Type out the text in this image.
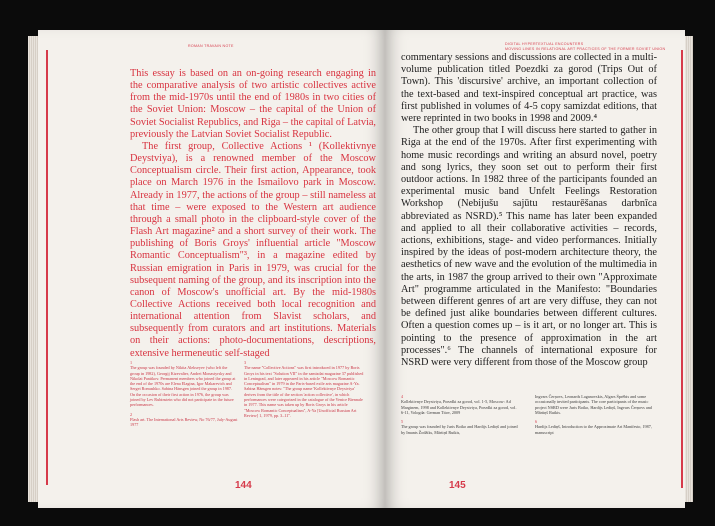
ROMAN TRAVAIN NOTE

This essay is based on an on-going research engaging in the comparative analysis of two artistic collectives active from the mid-1970s until the end of 1980s in two cities of the Soviet Union: Moscow – the capital of the Union of Soviet Socialist Republics, and Riga – the capital of Latvia, previously the Latvian Soviet Socialist Republic.

The first group, Collective Actions ¹ (Kollektivnye Deystviya), is a renowned member of the Moscow Conceptualism circle. Their first action, Appearance, took place on March 1976 in the Ismailovo park in Moscow. Already in 1977, the actions of the group – still nameless at that time – were exposed to the Western art audience through a small photo in the clipboard-style cover of the Flash Art magazine² and a short survey of their work. The publishing of Boris Groys' influential article "Moscow Romantic Conceptualism"³, in a magazine edited by Russian emigration in Paris in 1979, was crucial for the subsequent naming of the group, and its inscription into the canon of Moscow's unofficial art. By the mid-1980s Collective Actions received both local recognition and international attention from Slavist scholars, and subsequently from curators and art institutions. Materials on their actions: photo-documentations, descriptions, extensive hermeneutic self-staged

1
The group was founded by Nikita Alekseyev (who left the group in 1982), Georgij Kizevalter, Andrei Monastyrsky and Nikolai Panitkov. Permanent members who joined the group at the end of the 1970s are Elena Elagina, Igor Makarevich and Sergei Romashko. Sabina Hänsgen joined the group in 1987. On the occasion of their first action in 1976, the group was joined by Lev Rubinstein who did not participate in the future performances.
2
Flash art. The International Arts Review, No 76/77, July-August 1977
3
The name "Collective Actions" was first introduced in 1977 by Boris Groys in his text "Solution VII" in the samizdat magazine 37 published in Leningrad, and later appeared in his article "Moscow Romantic Conceptualism" in 1979 in the Paris-based exile arts magazine A-Ya. Sabina Hänsgen notes: "The group name 'Kollektivnye Deystviya' derives from the title of the section 'action collective', in which performances were categorized in the catalogue of the Venice Biennale in 1977. This name was taken up by Boris Groys in his article "Moscow Romantic Conceptualism", A-Ya [Unofficial Russian Art Review] 1, 1979, pp. 3–11".
144
DIGITAL HYPERTEXTUAL ENCOUNTERS
MOVING LINES IN RELATIONAL ART PRACTICES OF THE FORMER SOVIET UNION

commentary sessions and discussions are collected in a multi-volume publication titled Poezdki za gorod (Trips Out of Town). This 'discursive' archive, an important collection of the text-based and text-inspired conceptual art practice, was first published in volumes of 4-5 copy samizdat editions, that were reprinted in two books in 1998 and 2009.⁴

The other group that I will discuss here started to gather in Riga at the end of the 1970s. After first experimenting with home music recordings and writing an absurd novel, poetry and song lyrics, they soon set out to perform their first outdoor actions. In 1982 three of the participants founded an experimental music band Unfelt Feelings Restoration Workshop (Nebijušu sajūtu restaurēšanas darbnīca abbreviated as NSRD).⁵ This name has later been expanded and applied to all their collaborative activities – records, actions, exhibitions, stage- and video performances. Initially inspired by the ideas of post-modern architecture theory, the aesthetics of new wave and the evolution of the multimedia in the arts, in 1987 the group arrived to their own "Approximate Art" programme articulated in the Manifesto: "Boundaries between different genres of art are very diffuse, they can not be defined just alike boundaries between different cultures. Often a question comes up – is it art, or no longer art. This is pointing to the presence of approximation in the art processes".⁶ The channels of international exposure for NSRD were very different from those of the Moscow group

4
Kollektivnye Deystviya, Poezdki za gorod, vol. 1-5, Moscow: Ad Marginem, 1998 and Kollektivnye Deystviya, Poezdki za gorod, vol. 6-11, Vologda: German Titov, 2009
5
The group was founded by Juris Boiko and Hardijs Lediņš and joined by Imants Žodžiks, Mārtiņš Rutkis,
Ingvars Čerņovs, Leonards Laganovskis, Algars Šprēbis and some occasionally invited participants. The core participants of the music project NSRD were Juris Boiko, Hardijs Lediņš, Ingvars Čerņovs and Mārtiņš Rutkis.
6
Hardijs Lediņš, Introduction to the Approximate Art Manifesto, 1987, manuscript
145
